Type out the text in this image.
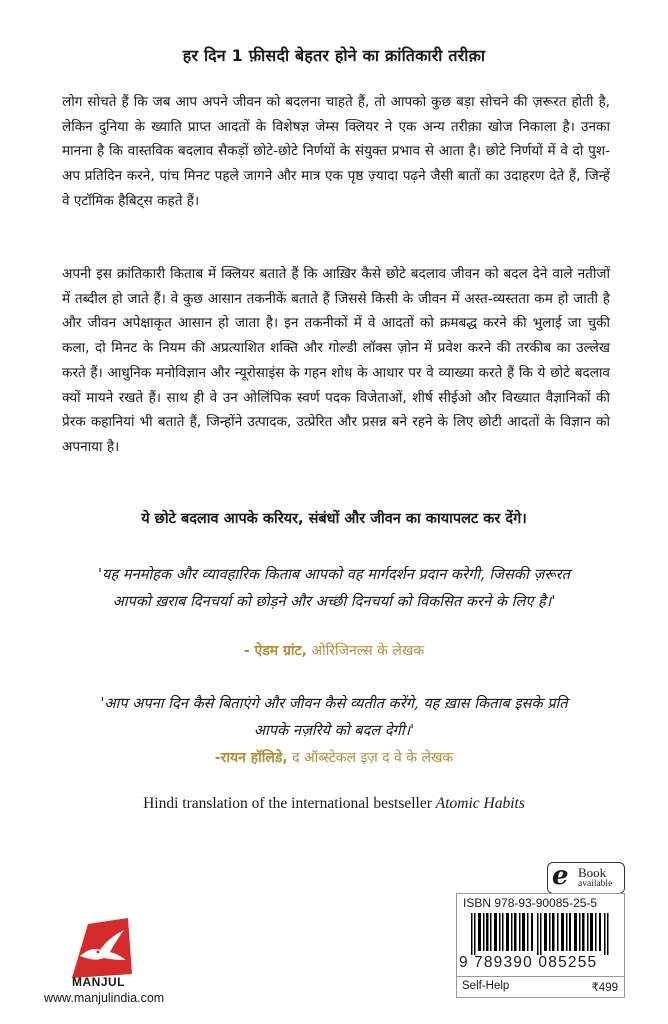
हर दिन 1 फ़ीसदी बेहतर होने का क्रांतिकारी तरीक़ा

लोग सोचते हैं कि जब आप अपने जीवन को बदलना चाहते हैं, तो आपको कुछ बड़ा सोचने की ज़रूरत होती है, लेकिन दुनिया के ख्याति प्राप्त आदतों के विशेषज्ञ जेम्स क्लियर ने एक अन्य तरीक़ा खोज निकाला है। उनका मानना है कि वास्तविक बदलाव सैकड़ों छोटे-छोटे निर्णयों के संयुक्त प्रभाव से आता है। छोटे निर्णयों में वे दो पुश-अप प्रतिदिन करने, पांच मिनट पहले जागने और मात्र एक पृष्ठ ज़्यादा पढ़ने जैसी बातों का उदाहरण देते हैं, जिन्हें वे एटॉमिक हैबिट्स कहते हैं।

अपनी इस क्रांतिकारी किताब में क्लियर बताते हैं कि आख़िर कैसे छोटे बदलाव जीवन को बदल देने वाले नतीजों में तब्दील हो जाते हैं। वे कुछ आसान तकनीकें बताते हैं जिससे किसी के जीवन में अस्त-व्यस्तता कम हो जाती है और जीवन अपेक्षाकृत आसान हो जाता है। इन तकनीकों में वे आदतों को क्रमबद्ध करने की भुलाई जा चुकी कला, दो मिनट के नियम की अप्रत्याशित शक्ति और गोल्डी लॉक्स ज़ोन में प्रवेश करने की तरकीब का उल्लेख करते हैं। आधुनिक मनोविज्ञान और न्यूरोसाइंस के गहन शोध के आधार पर वे व्याख्या करते हैं कि ये छोटे बदलाव क्यों मायने रखते हैं। साथ ही वे उन ओलिंपिक स्वर्ण पदक विजेताओं, शीर्ष सीईओ और विख्यात वैज्ञानिकों की प्रेरक कहानियां भी बताते हैं, जिन्होंने उत्पादक, उत्प्रेरित और प्रसन्न बने रहने के लिए छोटी आदतों के विज्ञान को अपनाया है।

ये छोटे बदलाव आपके करियर, संबंधों और जीवन का कायापलट कर देंगे।

'यह मनमोहक और व्यावहारिक किताब आपको वह मार्गदर्शन प्रदान करेगी, जिसकी ज़रूरत आपको ख़राब दिनचर्या को छोड़ने और अच्छी दिनचर्या को विकसित करने के लिए है।'

- ऐडम ग्रांट, ओरिजिनल्स के लेखक

'आप अपना दिन कैसे बिताएंगे और जीवन कैसे व्यतीत करेंगे, यह ख़ास किताब इसके प्रति आपके नज़रिये को बदल देगी।'

-रायन हॉलिडे, द ऑब्स्टेकल इज़ द वे के लेखक
Hindi translation of the international bestseller Atomic Habits
e Book
available
ISBN 978-93-90085-25-5
9 789390 085255
Self-Help	₹499
MANJUL
www.manjulindia.com
